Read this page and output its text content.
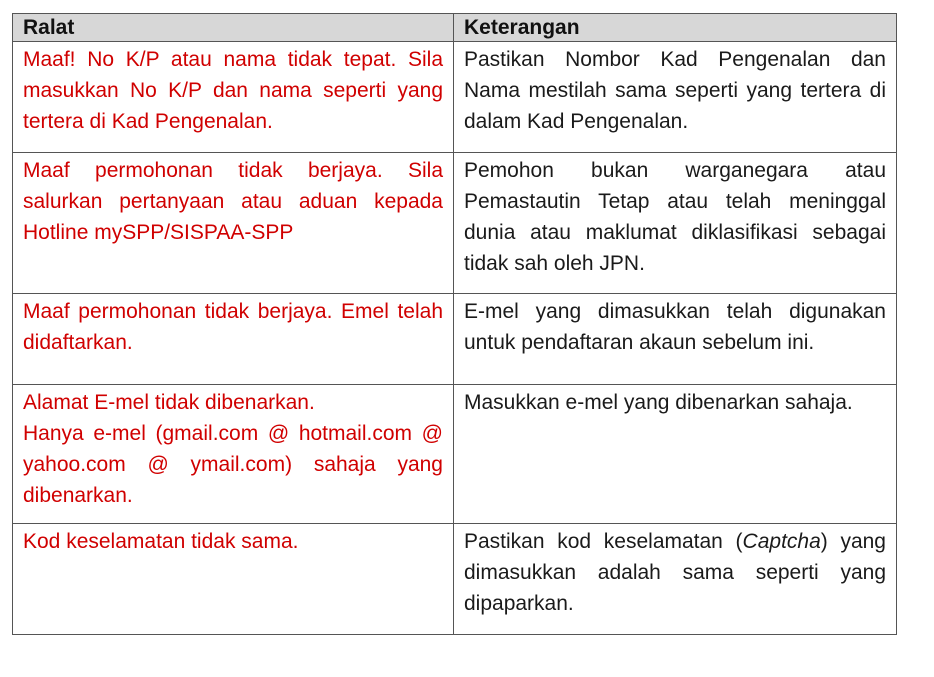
Ralat	Keterangan
Maaf! No K/P atau nama tidak tepat. Sila masukkan No K/P dan nama seperti yang tertera di Kad Pengenalan.	Pastikan Nombor Kad Pengenalan dan Nama mestilah sama seperti yang tertera di dalam Kad Pengenalan.
Maaf permohonan tidak berjaya. Sila salurkan pertanyaan atau aduan kepada Hotline mySPP/SISPAA-SPP	Pemohon bukan warganegara atau Pemastautin Tetap atau telah meninggal dunia atau maklumat diklasifikasi sebagai tidak sah oleh JPN.
Maaf permohonan tidak berjaya. Emel telah didaftarkan.	E-mel yang dimasukkan telah digunakan untuk pendaftaran akaun sebelum ini.

Alamat E-mel tidak dibenarkan.
Hanya e-mel (gmail.com @ hotmail.com @ yahoo.com @ ymail.com) sahaja yang dibenarkan.	Masukkan e-mel yang dibenarkan sahaja.
Kod keselamatan tidak sama.	Pastikan kod keselamatan (Captcha) yang dimasukkan adalah sama seperti yang dipaparkan.
